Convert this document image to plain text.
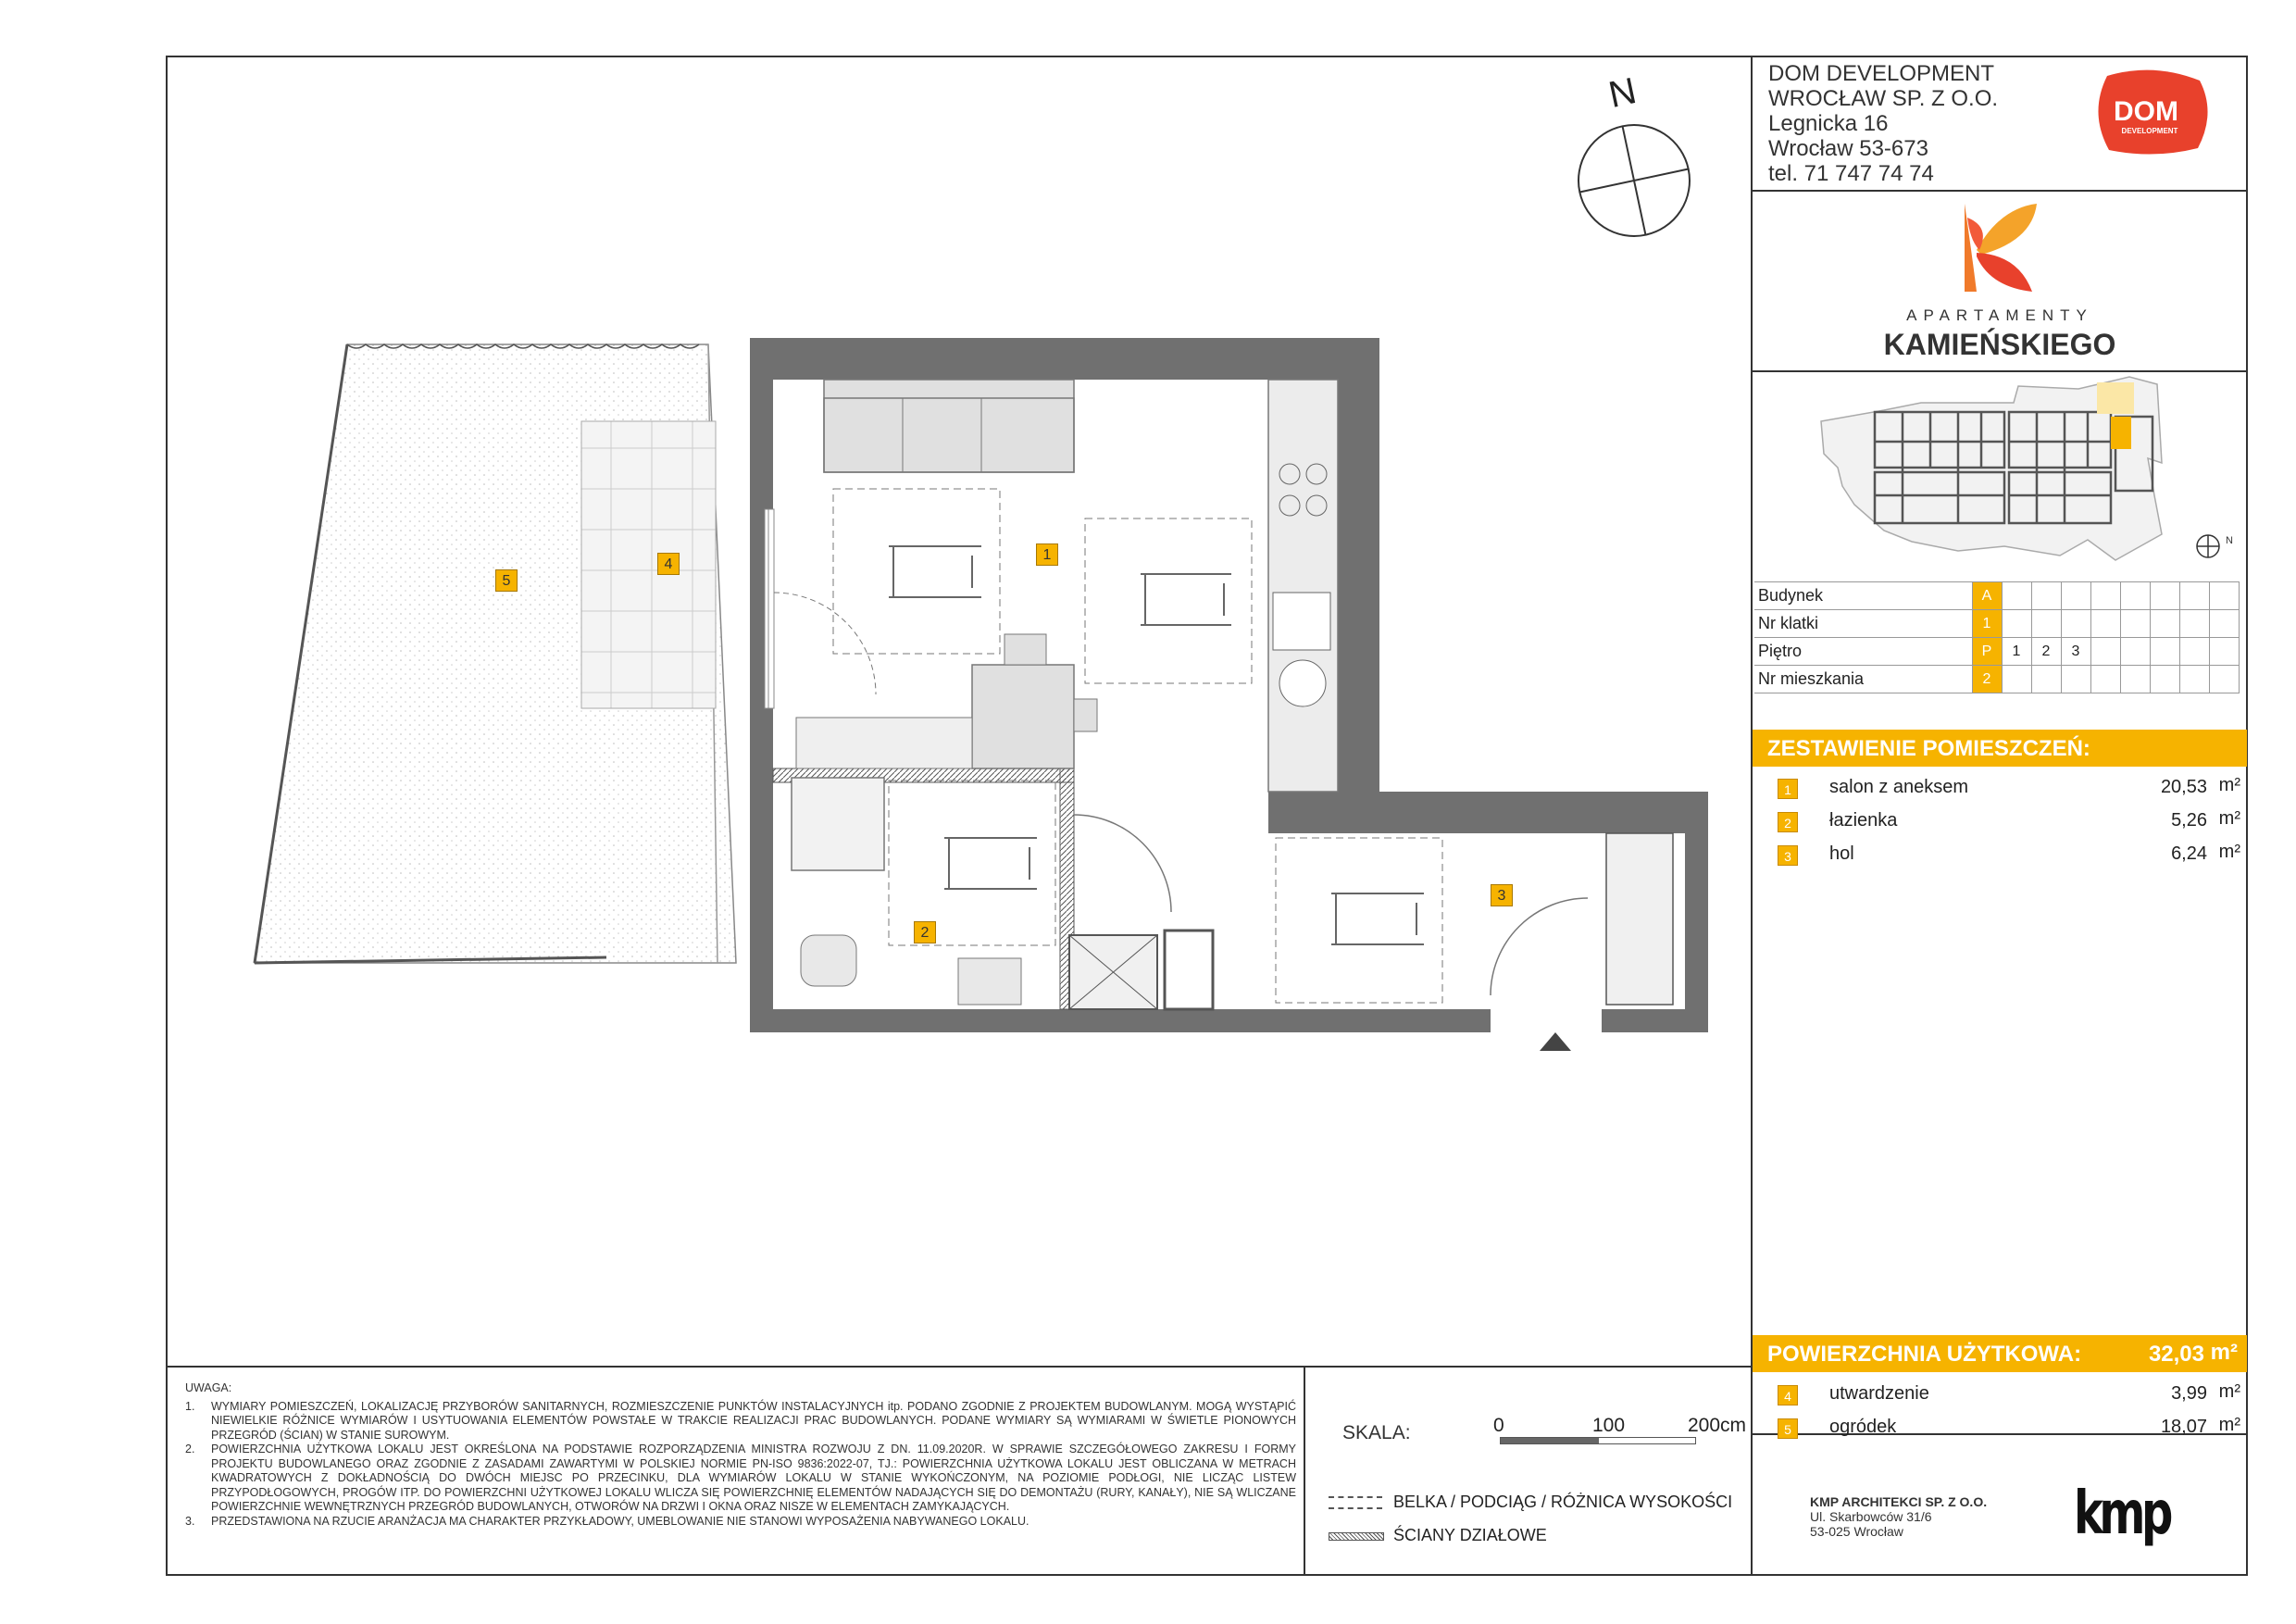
DOM DEVELOPMENT
WROCŁAW SP. Z O.O.
Legnicka 16
Wrocław 53-673
tel. 71 747 74 74
DOM
DEVELOPMENT
APARTAMENTY
KAMIEŃSKIEGO
N
Budynek	A								
Nr klatki	1								
Piętro	P	1	2	3					
Nr mieszkania	2								
ZESTAWIENIE POMIESZCZEŃ:
1	salon z aneksem	20,53 m²
2	łazienka	5,26 m²
3	hol	6,24 m²
POWIERZCHNIA UŻYTKOWA:	32,03 m²
4	utwardzenie	3,99 m²
5	ogródek	18,07 m²
KMP ARCHITEKCI SP. Z O.O.
Ul. Skarbowców 31/6
53-025 Wrocław	kmp

UWAGA:

1. WYMIARY POMIESZCZEŃ, LOKALIZACJĘ PRZYBORÓW SANITARNYCH, ROZMIESZCZENIE PUNKTÓW INSTALACYJNYCH itp. PODANO ZGODNIE Z PROJEKTEM BUDOWLANYM. MOGĄ WYSTĄPIĆ NIEWIELKIE RÓŻNICE WYMIARÓW I USYTUOWANIA ELEMENTÓW POWSTAŁE W TRAKCIE REALIZACJI PRAC BUDOWLANYCH. PODANE WYMIARY SĄ WYMIARAMI W ŚWIETLE PIONOWYCH PRZEGRÓD (ŚCIAN) W STANIE SUROWYM.

2. POWIERZCHNIA UŻYTKOWA LOKALU JEST OKREŚLONA NA PODSTAWIE ROZPORZĄDZENIA MINISTRA ROZWOJU Z DN. 11.09.2020R. W SPRAWIE SZCZEGÓŁOWEGO ZAKRESU I FORMY PROJEKTU BUDOWLANEGO ORAZ ZGODNIE Z ZASADAMI ZAWARTYMI W POLSKIEJ NORMIE PN-ISO 9836:2022-07, TJ.: POWIERZCHNIA UŻYTKOWA LOKALU JEST OBLICZANA W METRACH KWADRATOWYCH Z DOKŁADNOŚCIĄ DO DWÓCH MIEJSC PO PRZECINKU, DLA WYMIARÓW LOKALU W STANIE WYKOŃCZONYM, NA POZIOMIE PODŁOGI, NIE LICZĄC LISTEW PRZYPODŁOGOWYCH, PROGÓW ITP. DO POWIERZCHNI UŻYTKOWEJ LOKALU WLICZA SIĘ POWIERZCHNIĘ ELEMENTÓW NADAJĄCYCH SIĘ DO DEMONTAŻU (RURY, KANAŁY), NIE SĄ WLICZANE POWIERZCHNIE WEWNĘTRZNYCH PRZEGRÓD BUDOWLANYCH, OTWORÓW NA DRZWI I OKNA ORAZ NISZE W ELEMENTACH ZAMYKAJĄCYCH.

3. PRZEDSTAWIONA NA RZUCIE ARANŻACJA MA CHARAKTER PRZYKŁADOWY, UMEBLOWANIE NIE STANOWI WYPOSAŻENIA NABYWANEGO LOKALU.

SKALA:	0	100	200cm
BELKA / PODCIĄG / RÓŻNICA WYSOKOŚCI
ŚCIANY DZIAŁOWE
N
1
2
3
4
5
